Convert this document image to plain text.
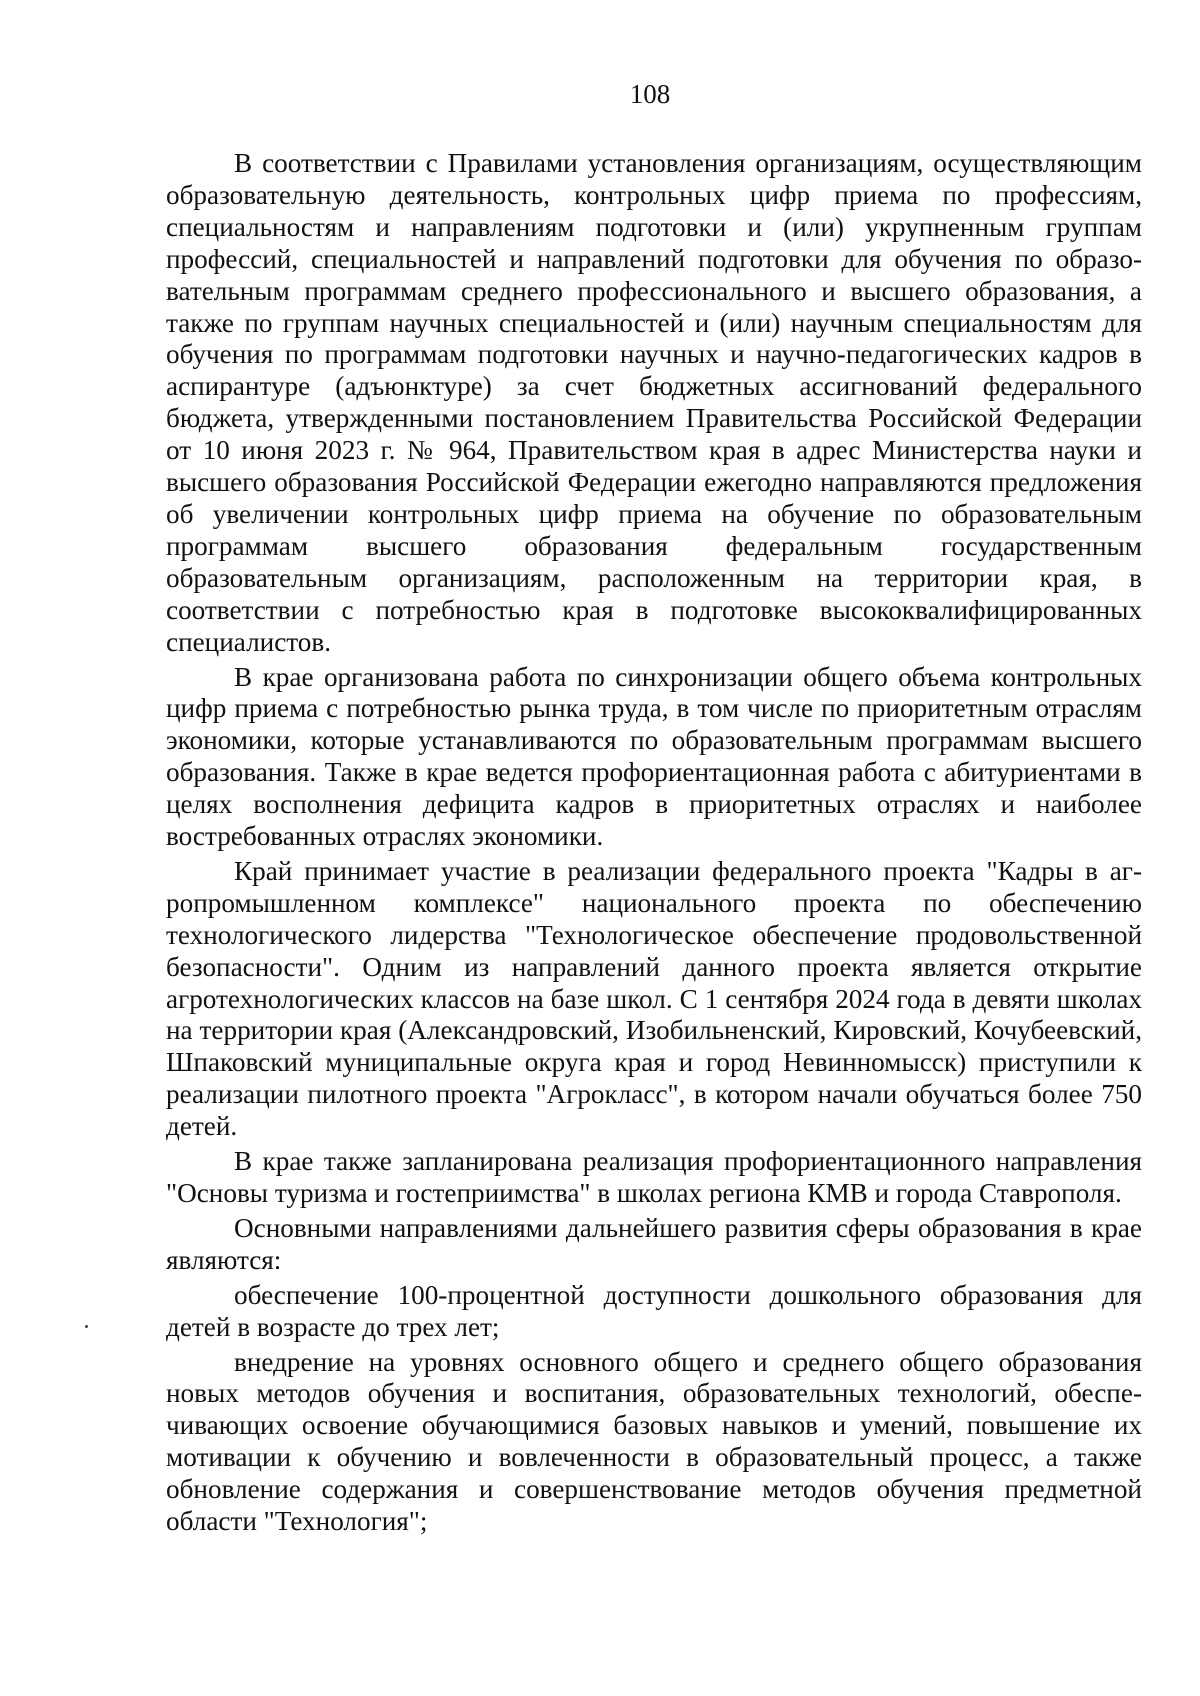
108

В соответствии с Правилами установления организациям, осуществляющим образовательную деятельность, контрольных цифр приема по профессиям, специальностям и направлениям подготовки и (или) укрупненным группам профессий, специальностей и направлений подготовки для обучения по образовательным программам среднего профессионального и высшего образования, а также по группам научных специальностей и (или) научным специальностям для обучения по программам подготовки научных и научно-педагогических кадров в аспирантуре (адъюнктуре) за счет бюджетных ассигнований федерального бюджета, утвержденными постановлением Правительства Российской Федерации от 10 июня 2023 г. № 964, Правительством края в адрес Министерства науки и высшего образования Российской Федерации ежегодно направляются предложения об увеличении контрольных цифр приема на обучение по образовательным программам высшего образования федеральным государственным образовательным организациям, расположенным на территории края, в соответствии с потребностью края в подготовке высококвалифицированных специалистов.

В крае организована работа по синхронизации общего объема контрольных цифр приема с потребностью рынка труда, в том числе по приоритетным отраслям экономики, которые устанавливаются по образовательным программам высшего образования. Также в крае ведется профориентационная работа с абитуриентами в целях восполнения дефицита кадров в приоритетных отраслях и наиболее востребованных отраслях экономики.

Край принимает участие в реализации федерального проекта "Кадры в агропромышленном комплексе" национального проекта по обеспечению технологического лидерства "Технологическое обеспечение продовольственной безопасности". Одним из направлений данного проекта является открытие агротехнологических классов на базе школ. С 1 сентября 2024 года в девяти школах на территории края (Александровский, Изобильненский, Кировский, Кочубеевский, Шпаковский муниципальные округа края и город Невинномысск) приступили к реализации пилотного проекта "Агрокласс", в котором начали обучаться более 750 детей.

В крае также запланирована реализация профориентационного направления "Основы туризма и гостеприимства" в школах региона КМВ и города Ставрополя.

Основными направлениями дальнейшего развития сферы образования в крае являются:

обеспечение 100-процентной доступности дошкольного образования для детей в возрасте до трех лет;

внедрение на уровнях основного общего и среднего общего образования новых методов обучения и воспитания, образовательных технологий, обеспечивающих освоение обучающимися базовых навыков и умений, повышение их мотивации к обучению и вовлеченности в образовательный процесс, а также обновление содержания и совершенствование методов обучения предметной области "Технология";
